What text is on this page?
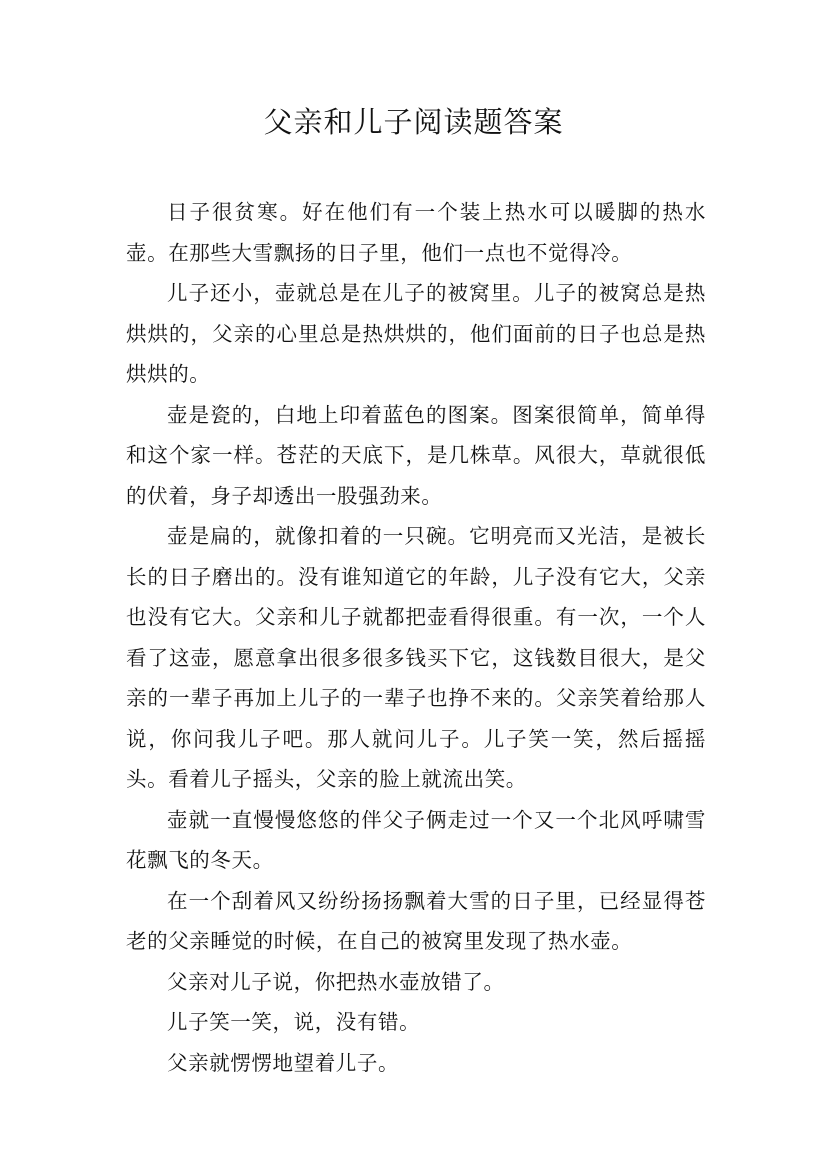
父亲和儿子阅读题答案

日子很贫寒。好在他们有一个装上热水可以暖脚的热水壶。在那些大雪飘扬的日子里，他们一点也不觉得冷。

儿子还小，壶就总是在儿子的被窝里。儿子的被窝总是热烘烘的，父亲的心里总是热烘烘的，他们面前的日子也总是热烘烘的。

壶是瓷的，白地上印着蓝色的图案。图案很简单，简单得和这个家一样。苍茫的天底下，是几株草。风很大，草就很低的伏着，身子却透出一股强劲来。

壶是扁的，就像扣着的一只碗。它明亮而又光洁，是被长长的日子磨出的。没有谁知道它的年龄，儿子没有它大，父亲也没有它大。父亲和儿子就都把壶看得很重。有一次，一个人看了这壶，愿意拿出很多很多钱买下它，这钱数目很大，是父亲的一辈子再加上儿子的一辈子也挣不来的。父亲笑着给那人说，你问我儿子吧。那人就问儿子。儿子笑一笑，然后摇摇头。看着儿子摇头，父亲的脸上就流出笑。

壶就一直慢慢悠悠的伴父子俩走过一个又一个北风呼啸雪花飘飞的冬天。

在一个刮着风又纷纷扬扬飘着大雪的日子里，已经显得苍老的父亲睡觉的时候，在自己的被窝里发现了热水壶。

父亲对儿子说，你把热水壶放错了。

儿子笑一笑，说，没有错。

父亲就愣愣地望着儿子。
